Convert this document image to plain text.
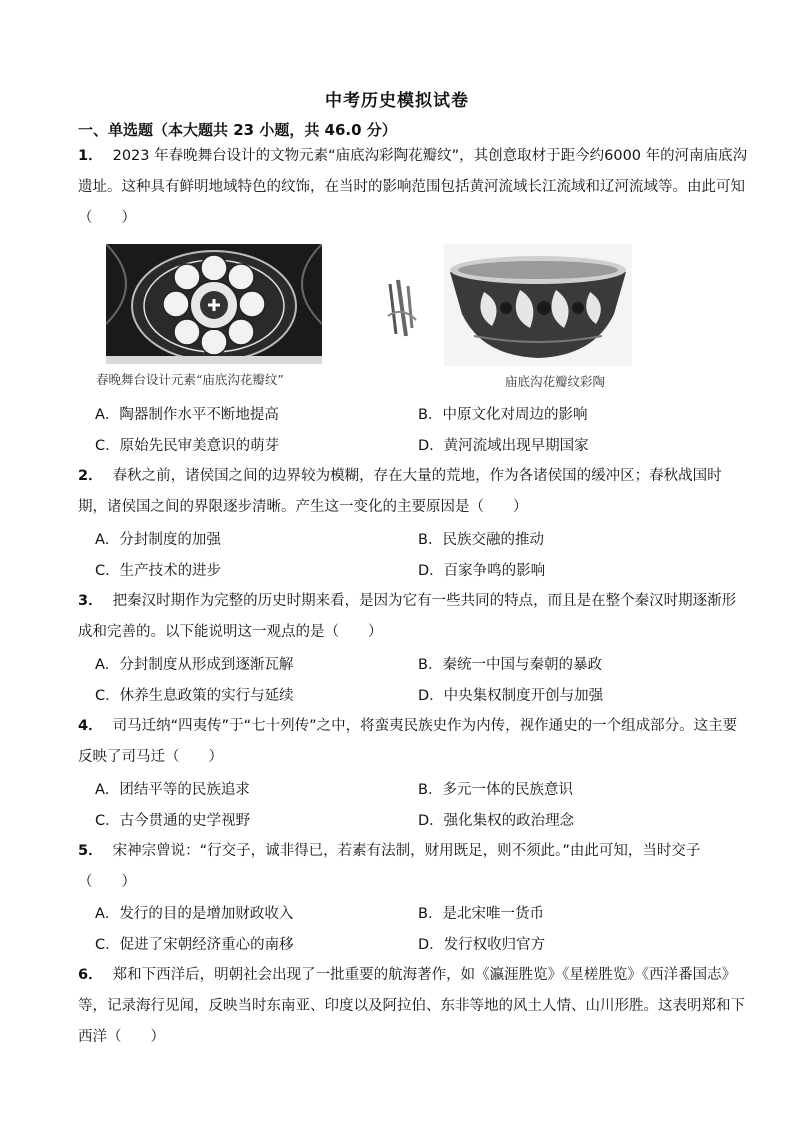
中考历史模拟试卷
一、单选题（本大题共 23 小题，共 46.0 分）

1． 2023 年春晚舞台设计的文物元素“庙底沟彩陶花瓣纹”，其创意取材于距今约6000 年的河南庙底沟遗址。这种具有鲜明地域特色的纹饰，在当时的影响范围包括黄河流域长江流域和辽河流域等。由此可知（　　）

春晚舞台设计元素“庙底沟花瓣纹”	庙底沟花瓣纹彩陶
A．陶器制作水平不断地提高	B．中原文化对周边的影响
C．原始先民审美意识的萌芽	D．黄河流域出现早期国家

2． 春秋之前，诸侯国之间的边界较为模糊，存在大量的荒地，作为各诸侯国的缓冲区；春秋战国时期，诸侯国之间的界限逐步清晰。产生这一变化的主要原因是（　　）

A．分封制度的加强	B．民族交融的推动
C．生产技术的进步	D．百家争鸣的影响

3． 把秦汉时期作为完整的历史时期来看，是因为它有一些共同的特点，而且是在整个秦汉时期逐渐形成和完善的。以下能说明这一观点的是（　　）

A．分封制度从形成到逐渐瓦解	B．秦统一中国与秦朝的暴政
C．休养生息政策的实行与延续	D．中央集权制度开创与加强

4． 司马迁纳“四夷传”于“七十列传”之中，将蛮夷民族史作为内传，视作通史的一个组成部分。这主要反映了司马迁（　　）

A．团结平等的民族追求	B．多元一体的民族意识
C．古今贯通的史学视野	D．强化集权的政治理念

5． 宋神宗曾说：“行交子，诚非得已，若素有法制，财用既足，则不须此。”由此可知，当时交子（　　）

A．发行的目的是增加财政收入	B．是北宋唯一货币
C．促进了宋朝经济重心的南移	D．发行权收归官方

6． 郑和下西洋后，明朝社会出现了一批重要的航海著作，如《瀛涯胜览》《星槎胜览》《西洋番国志》等，记录海行见闻，反映当时东南亚、印度以及阿拉伯、东非等地的风土人情、山川形胜。这表明郑和下西洋（　　）
